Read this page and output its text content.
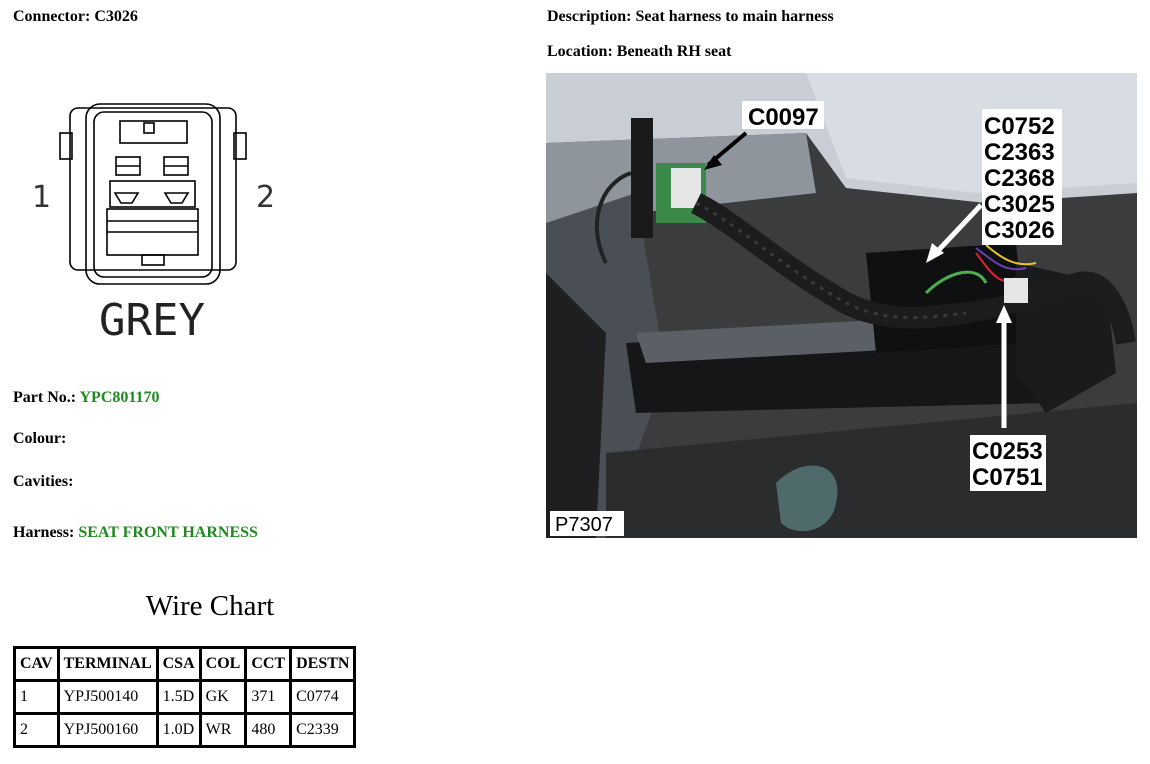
Connector: C3026	Description: Seat harness to main harness
Location: Beneath RH seat
1	2
GREY
Part No.: YPC801170
Colour:
Cavities:
Harness: SEAT FRONT HARNESS
C0097	C0752
C2363
C2368
C3025
C3026
C0253
C0751
P7307
Wire Chart
CAV	TERMINAL	CSA	COL	CCT	DESTN
1	YPJ500140	1.5D	GK	371	C0774
2	YPJ500160	1.0D	WR	480	C2339
